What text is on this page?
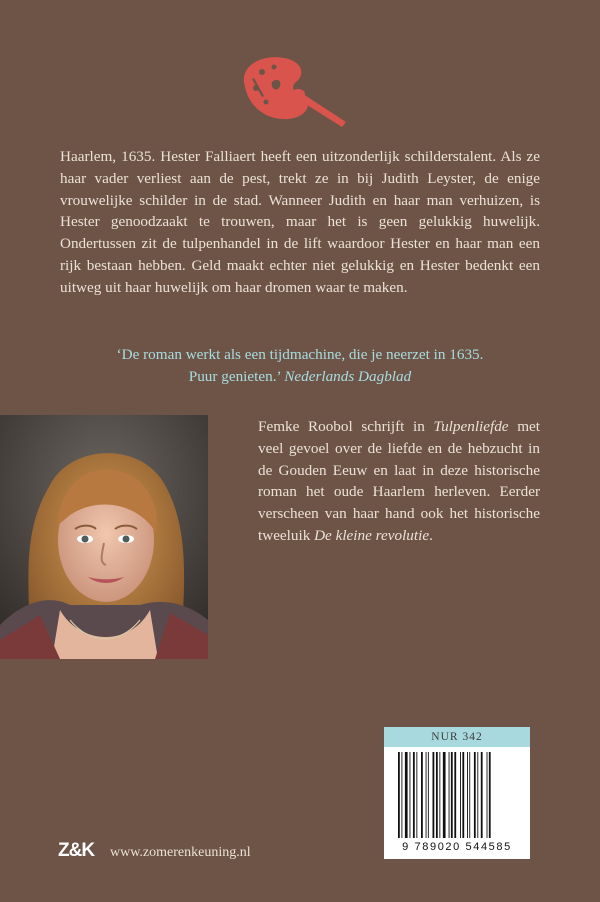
Haarlem, 1635. Hester Falliaert heeft een uitzonderlijk schilderstalent. Als ze haar vader verliest aan de pest, trekt ze in bij Judith Leyster, de enige vrouwelijke schilder in de stad. Wanneer Judith en haar man verhuizen, is Hester genoodzaakt te trouwen, maar het is geen gelukkig huwelijk. Ondertussen zit de tulpenhandel in de lift waardoor Hester en haar man een rijk bestaan hebben. Geld maakt echter niet gelukkig en Hester bedenkt een uitweg uit haar huwelijk om haar dromen waar te maken.

‘De roman werkt als een tijdmachine, die je neerzet in 1635.
Puur genieten.’ Nederlands Dagblad

Femke Roobol schrijft in Tulpenliefde met veel gevoel over de liefde en de hebzucht in de Gouden Eeuw en laat in deze historische roman het oude Haarlem herleven. Eerder verscheen van haar hand ook het historische tweeluik De kleine revolutie.

NUR 342
9 789020 544585
Z&K www.zomerenkeuning.nl
